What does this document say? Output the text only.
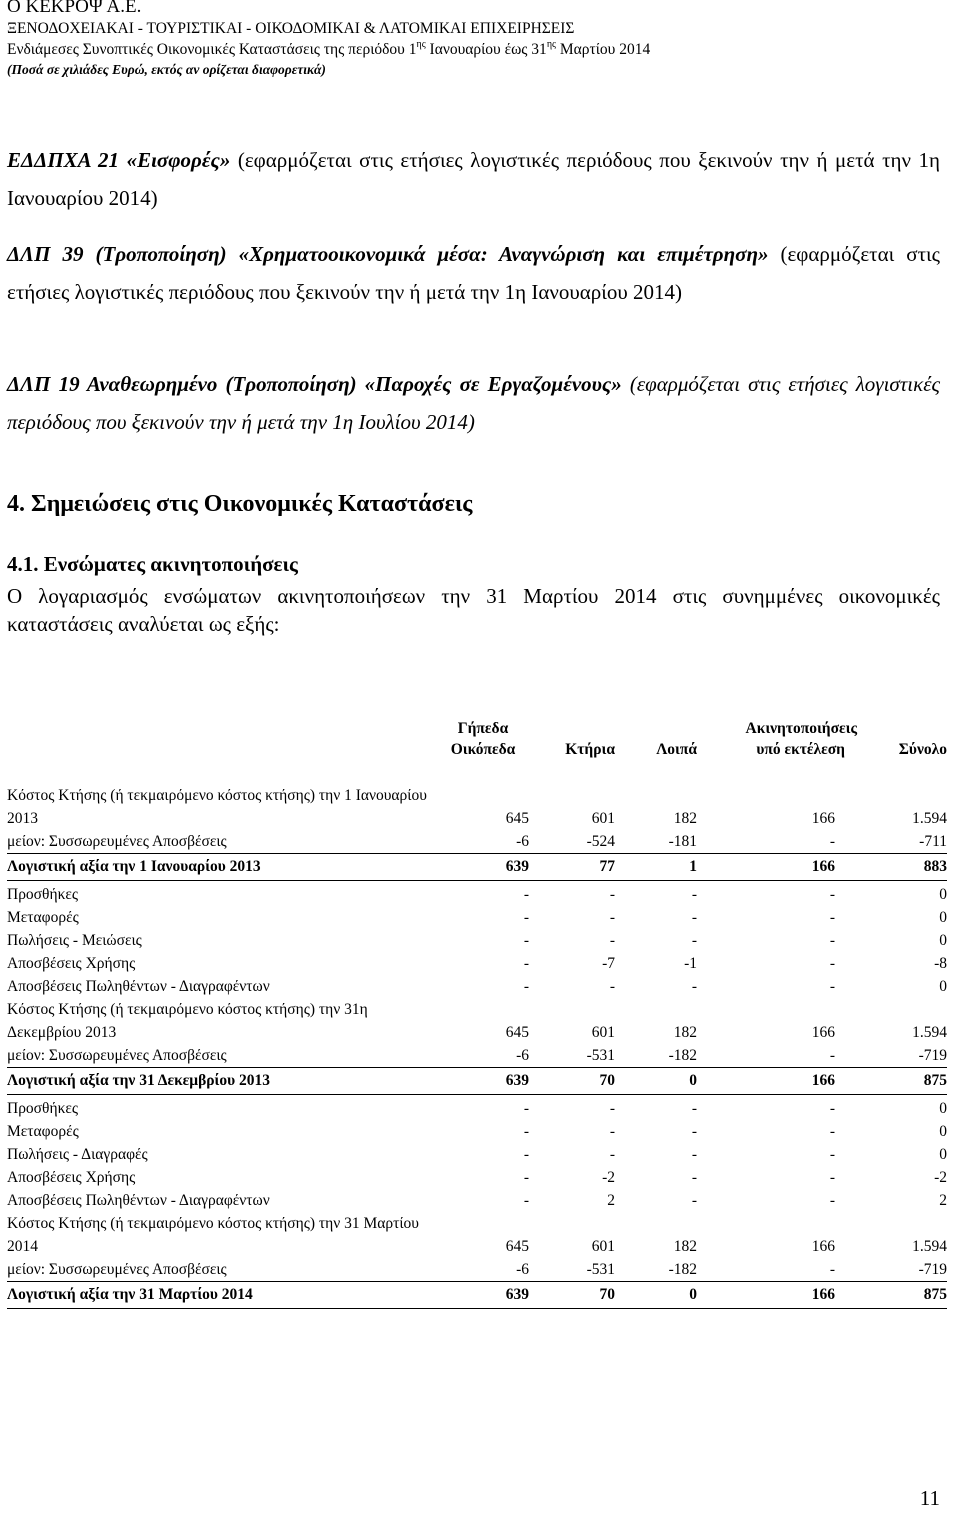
Ο ΚΕΚΡΟΨ Α.Ε.
ΞΕΝΟΔΟΧΕΙΑΚΑΙ - ΤΟΥΡΙΣΤΙΚΑΙ - ΟΙΚΟΔΟΜΙΚΑΙ & ΛΑΤΟΜΙΚΑΙ ΕΠΙΧΕΙΡΗΣΕΙΣ
Ενδιάμεσες Συνοπτικές Οικονομικές Καταστάσεις της περιόδου $1^{\eta\varsigma}$ Ιανουαρίου έως $31^{\eta\varsigma}$ Μαρτίου 2014
(Ποσά σε χιλιάδες Ευρώ, εκτός αν ορίζεται διαφορετικά)
ΕΔΔΠΧΑ 21 «Εισφορές» (εφαρμόζεται στις ετήσιες λογιστικές περιόδους που ξεκινούν την ή μετά την 1η Ιανουαρίου 2014)
ΔΛΠ 39 (Τροποποίηση) «Χρηματοοικονομικά μέσα: Αναγνώριση και επιμέτρηση» (εφαρμόζεται στις ετήσιες λογιστικές περιόδους που ξεκινούν την ή μετά την 1η Ιανουαρίου 2014)
ΔΛΠ 19 Αναθεωρημένο (Τροποποίηση) «Παροχές σε Εργαζομένους» (εφαρμόζεται στις ετήσιες λογιστικές περιόδους που ξεκινούν την ή μετά την 1η Ιουλίου 2014)
4. Σημειώσεις στις Οικονομικές Καταστάσεις
4.1. Ενσώματες ακινητοποιήσεις
Ο λογαριασμός ενσώματων ακινητοποιήσεων την 31 Μαρτίου 2014 στις συνημμένες οικονομικές καταστάσεις αναλύεται ως εξής:
	Γήπεδα
Οικόπεδα	Κτήρια	Λοιπά	Ακινητοποιήσεις
υπό εκτέλεση	Σύνολο
Κόστος Κτήσης (ή τεκμαιρόμενο κόστος κτήσης) την 1 Ιανουαρίου 2013	645	601	182	166	1.594
μείον: Συσσωρευμένες Αποσβέσεις	-6	-524	-181	-	-711
Λογιστική αξία την 1 Ιανουαρίου 2013	639	77	1	166	883
Προσθήκες	-	-	-	-	0
Μεταφορές	-	-	-	-	0
Πωλήσεις - Μειώσεις	-	-	-	-	0
Αποσβέσεις Χρήσης	-	-7	-1	-	-8
Αποσβέσεις Πωληθέντων - Διαγραφέντων	-	-	-	-	0
Κόστος Κτήσης (ή τεκμαιρόμενο κόστος κτήσης) την 31η Δεκεμβρίου 2013	645	601	182	166	1.594
μείον: Συσσωρευμένες Αποσβέσεις	-6	-531	-182	-	-719
Λογιστική αξία την 31 Δεκεμβρίου 2013	639	70	0	166	875
Προσθήκες	-	-	-	-	0
Μεταφορές	-	-	-	-	0
Πωλήσεις - Διαγραφές	-	-	-	-	0
Αποσβέσεις Χρήσης	-	-2	-	-	-2
Αποσβέσεις Πωληθέντων - Διαγραφέντων	-	2	-	-	2
Κόστος Κτήσης (ή τεκμαιρόμενο κόστος κτήσης) την 31 Μαρτίου 2014	645	601	182	166	1.594
μείον: Συσσωρευμένες Αποσβέσεις	-6	-531	-182	-	-719
Λογιστική αξία την 31 Μαρτίου 2014	639	70	0	166	875
11
